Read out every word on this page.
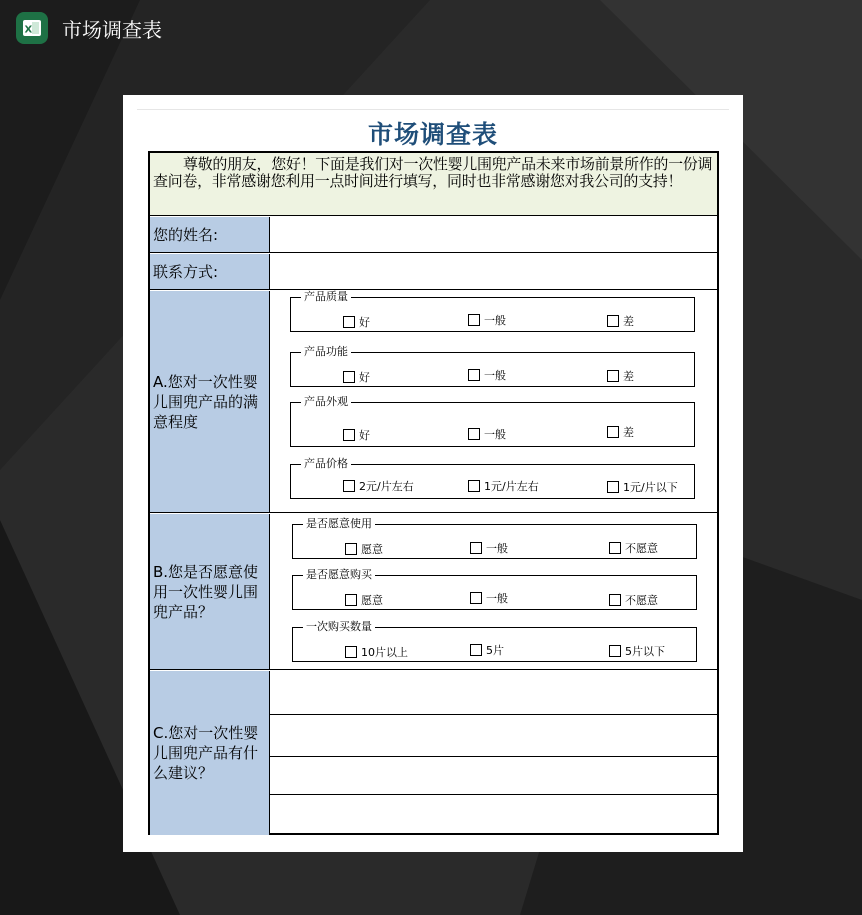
X 市场调查表
市场调查表
尊敬的朋友，您好！下面是我们对一次性婴儿围兜产品未来市场前景所作的一份调查问卷，非常感谢您利用一点时间进行填写，同时也非常感谢您对我公司的支持！
您的姓名:
联系方式:
A.您对一次性婴儿围兜产品的满意程度
产品质量
好	一般	差
产品功能
好	一般	差
产品外观
好	一般	差
产品价格
2元/片左右	1元/片左右	1元/片以下
B.您是否愿意使用一次性婴儿围兜产品？
是否愿意使用
愿意	一般	不愿意
是否愿意购买
愿意	一般	不愿意
一次购买数量
10片以上	5片	5片以下
C.您对一次性婴儿围兜产品有什么建议？
